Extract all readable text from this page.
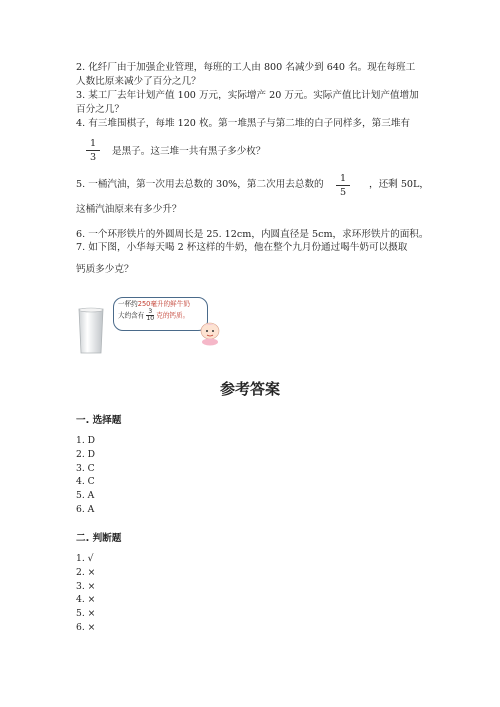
2. 化纤厂由于加强企业管理，每班的工人由 800 名减少到 640 名。现在每班工
人数比原来减少了百分之几？
3. 某工厂去年计划产值 100 万元，实际增产 20 万元。实际产值比计划产值增加
百分之几？
4. 有三堆围棋子，每堆 120 枚。第一堆黑子与第二堆的白子同样多，第三堆有
1
3
是黑子。这三堆一共有黑子多少枚？
5. 一桶汽油，第一次用去总数的 30%，第二次用去总数的
1
5
，还剩 50L，
这桶汽油原来有多少升？
6. 一个环形铁片的外圆周长是 25. 12cm，内圆直径是 5cm，求环形铁片的面积。
7. 如下图，小华每天喝 2 杯这样的牛奶，他在整个九月份通过喝牛奶可以摄取
钙质多少克？
一杯约250毫升的鲜牛奶
大约含有 $\frac{3}{10}$ 克的钙质。
参考答案
一. 选择题
1. D
2. D
3. C
4. C
5. A
6. A
二. 判断题
1. √
2. ×
3. ×
4. ×
5. ×
6. ×
